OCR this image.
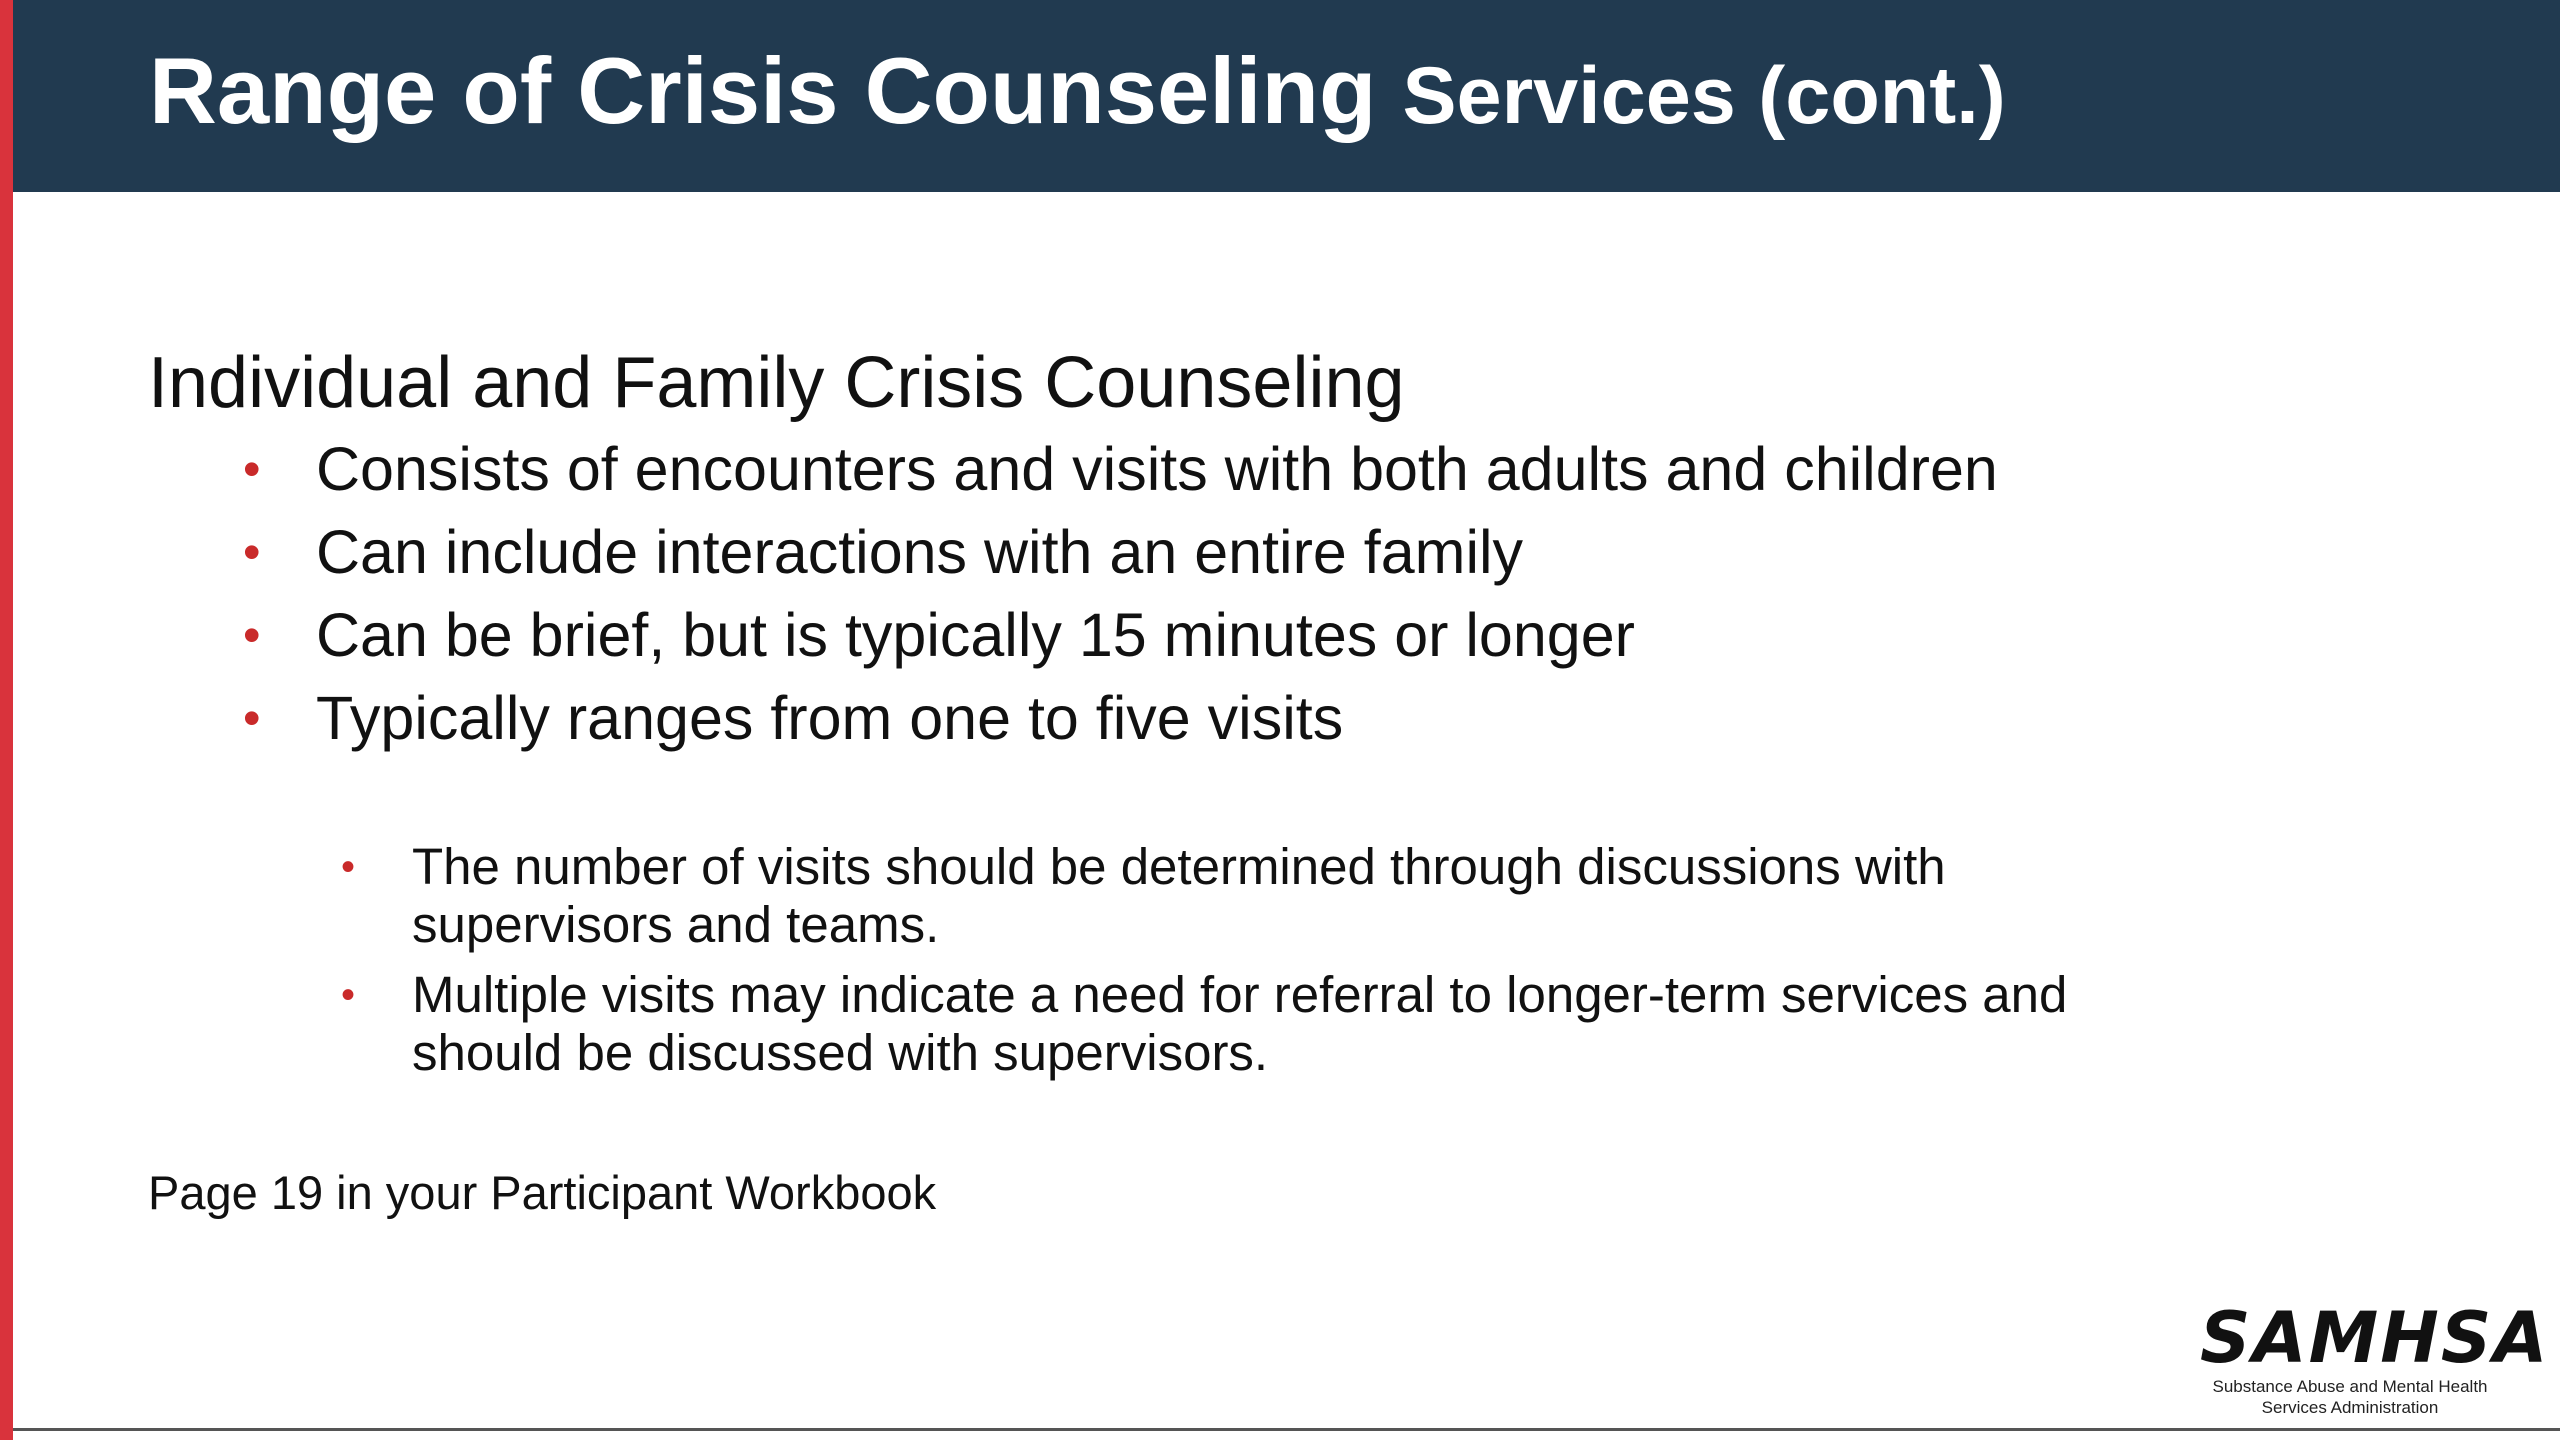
Range of Crisis Counseling Services (cont.)
Individual and Family Crisis Counseling
• Consists of encounters and visits with both adults and children
• Can include interactions with an entire family
• Can be brief, but is typically 15 minutes or longer
• Typically ranges from one to five visits
• The number of visits should be determined through discussions with supervisors and teams.
• Multiple visits may indicate a need for referral to longer-term services and should be discussed with supervisors.
Page 19 in your Participant Workbook
SAMHSA
Substance Abuse and Mental Health
Services Administration
